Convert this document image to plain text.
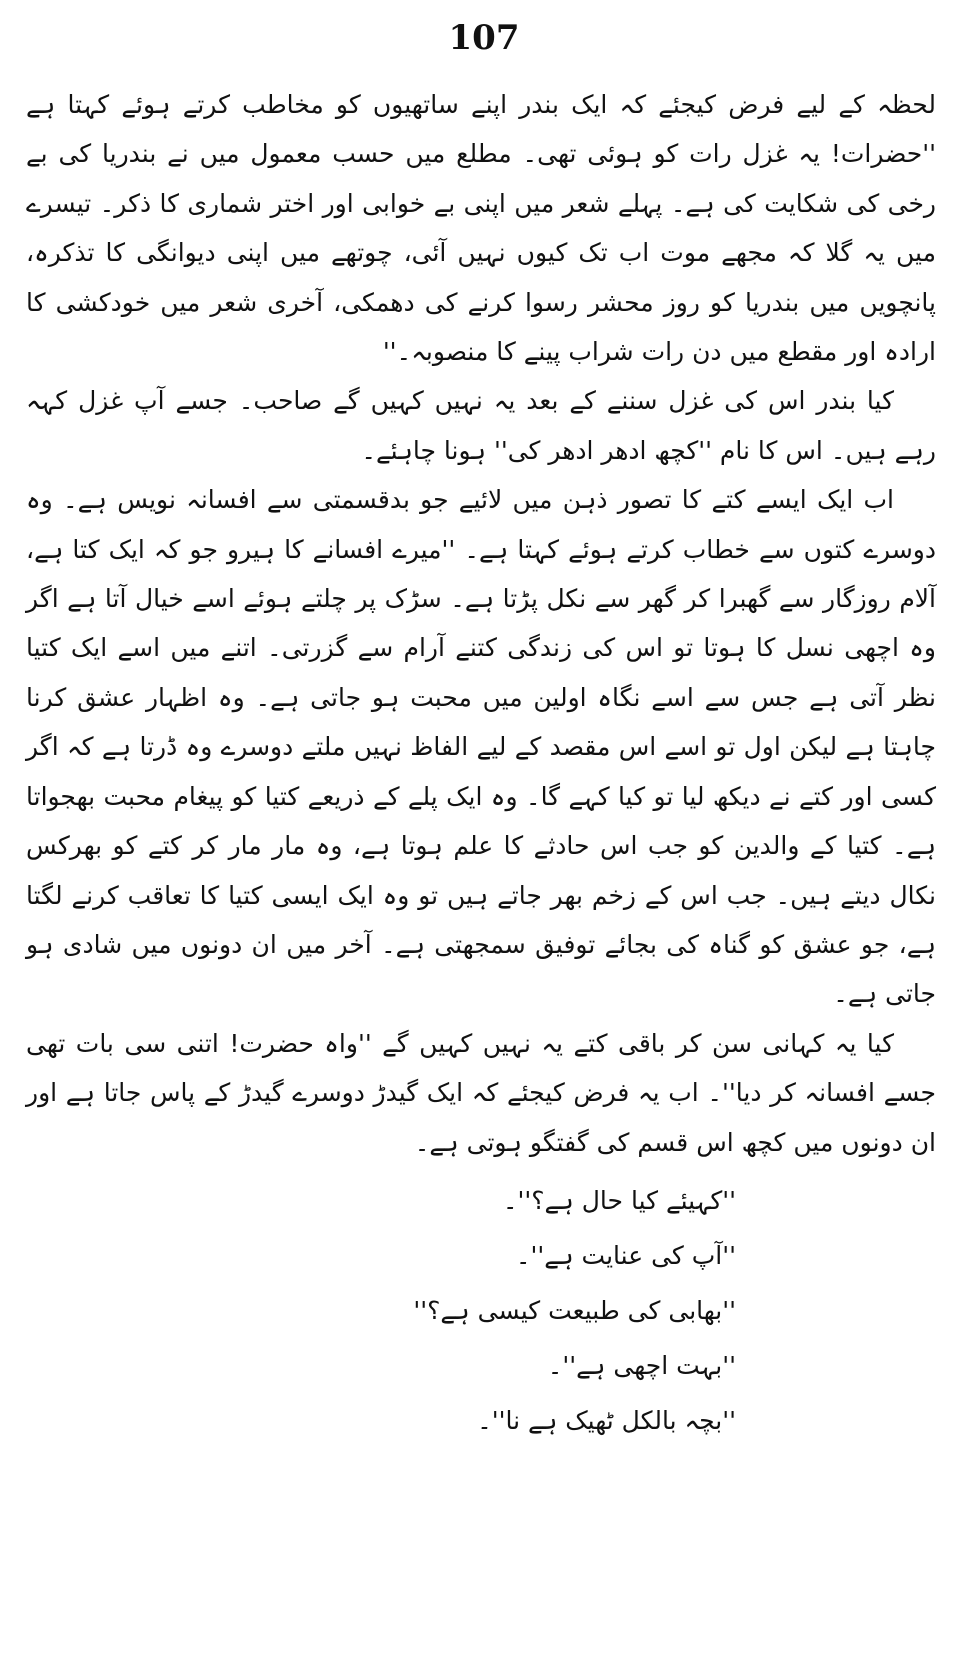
107

لحظہ کے لیے فرض کیجئے کہ ایک بندر اپنے ساتھیوں کو مخاطب کرتے ہوئے کہتا ہے ''حضرات! یہ غزل رات کو ہوئی تھی۔ مطلع میں حسب معمول میں نے بندریا کی بے رخی کی شکایت کی ہے۔ پہلے شعر میں اپنی بے خوابی اور اختر شماری کا ذکر۔ تیسرے میں یہ گلا کہ مجھے موت اب تک کیوں نہیں آئی، چوتھے میں اپنی دیوانگی کا تذکرہ، پانچویں میں بندریا کو روز محشر رسوا کرنے کی دھمکی، آخری شعر میں خودکشی کا ارادہ اور مقطع میں دن رات شراب پینے کا منصوبہ۔''

کیا بندر اس کی غزل سننے کے بعد یہ نہیں کہیں گے صاحب۔ جسے آپ غزل کہہ رہے ہیں۔ اس کا نام ''کچھ ادھر ادھر کی'' ہونا چاہئے۔

اب ایک ایسے کتے کا تصور ذہن میں لائیے جو بدقسمتی سے افسانہ نویس ہے۔ وہ دوسرے کتوں سے خطاب کرتے ہوئے کہتا ہے۔ ''میرے افسانے کا ہیرو جو کہ ایک کتا ہے، آلام روزگار سے گھبرا کر گھر سے نکل پڑتا ہے۔ سڑک پر چلتے ہوئے اسے خیال آتا ہے اگر وہ اچھی نسل کا ہوتا تو اس کی زندگی کتنے آرام سے گزرتی۔ اتنے میں اسے ایک کتیا نظر آتی ہے جس سے اسے نگاہ اولین میں محبت ہو جاتی ہے۔ وہ اظہار عشق کرنا چاہتا ہے لیکن اول تو اسے اس مقصد کے لیے الفاظ نہیں ملتے دوسرے وہ ڈرتا ہے کہ اگر کسی اور کتے نے دیکھ لیا تو کیا کہے گا۔ وہ ایک پلے کے ذریعے کتیا کو پیغام محبت بھجواتا ہے۔ کتیا کے والدین کو جب اس حادثے کا علم ہوتا ہے، وہ مار مار کر کتے کو بھرکس نکال دیتے ہیں۔ جب اس کے زخم بھر جاتے ہیں تو وہ ایک ایسی کتیا کا تعاقب کرنے لگتا ہے، جو عشق کو گناہ کی بجائے توفیق سمجھتی ہے۔ آخر میں ان دونوں میں شادی ہو جاتی ہے۔

کیا یہ کہانی سن کر باقی کتے یہ نہیں کہیں گے ''واہ حضرت! اتنی سی بات تھی جسے افسانہ کر دیا''۔ اب یہ فرض کیجئے کہ ایک گیدڑ دوسرے گیدڑ کے پاس جاتا ہے اور ان دونوں میں کچھ اس قسم کی گفتگو ہوتی ہے۔

''کہیئے کیا حال ہے؟''۔

''آپ کی عنایت ہے''۔

''بھابی کی طبیعت کیسی ہے؟''

''بہت اچھی ہے''۔

''بچہ بالکل ٹھیک ہے نا''۔
